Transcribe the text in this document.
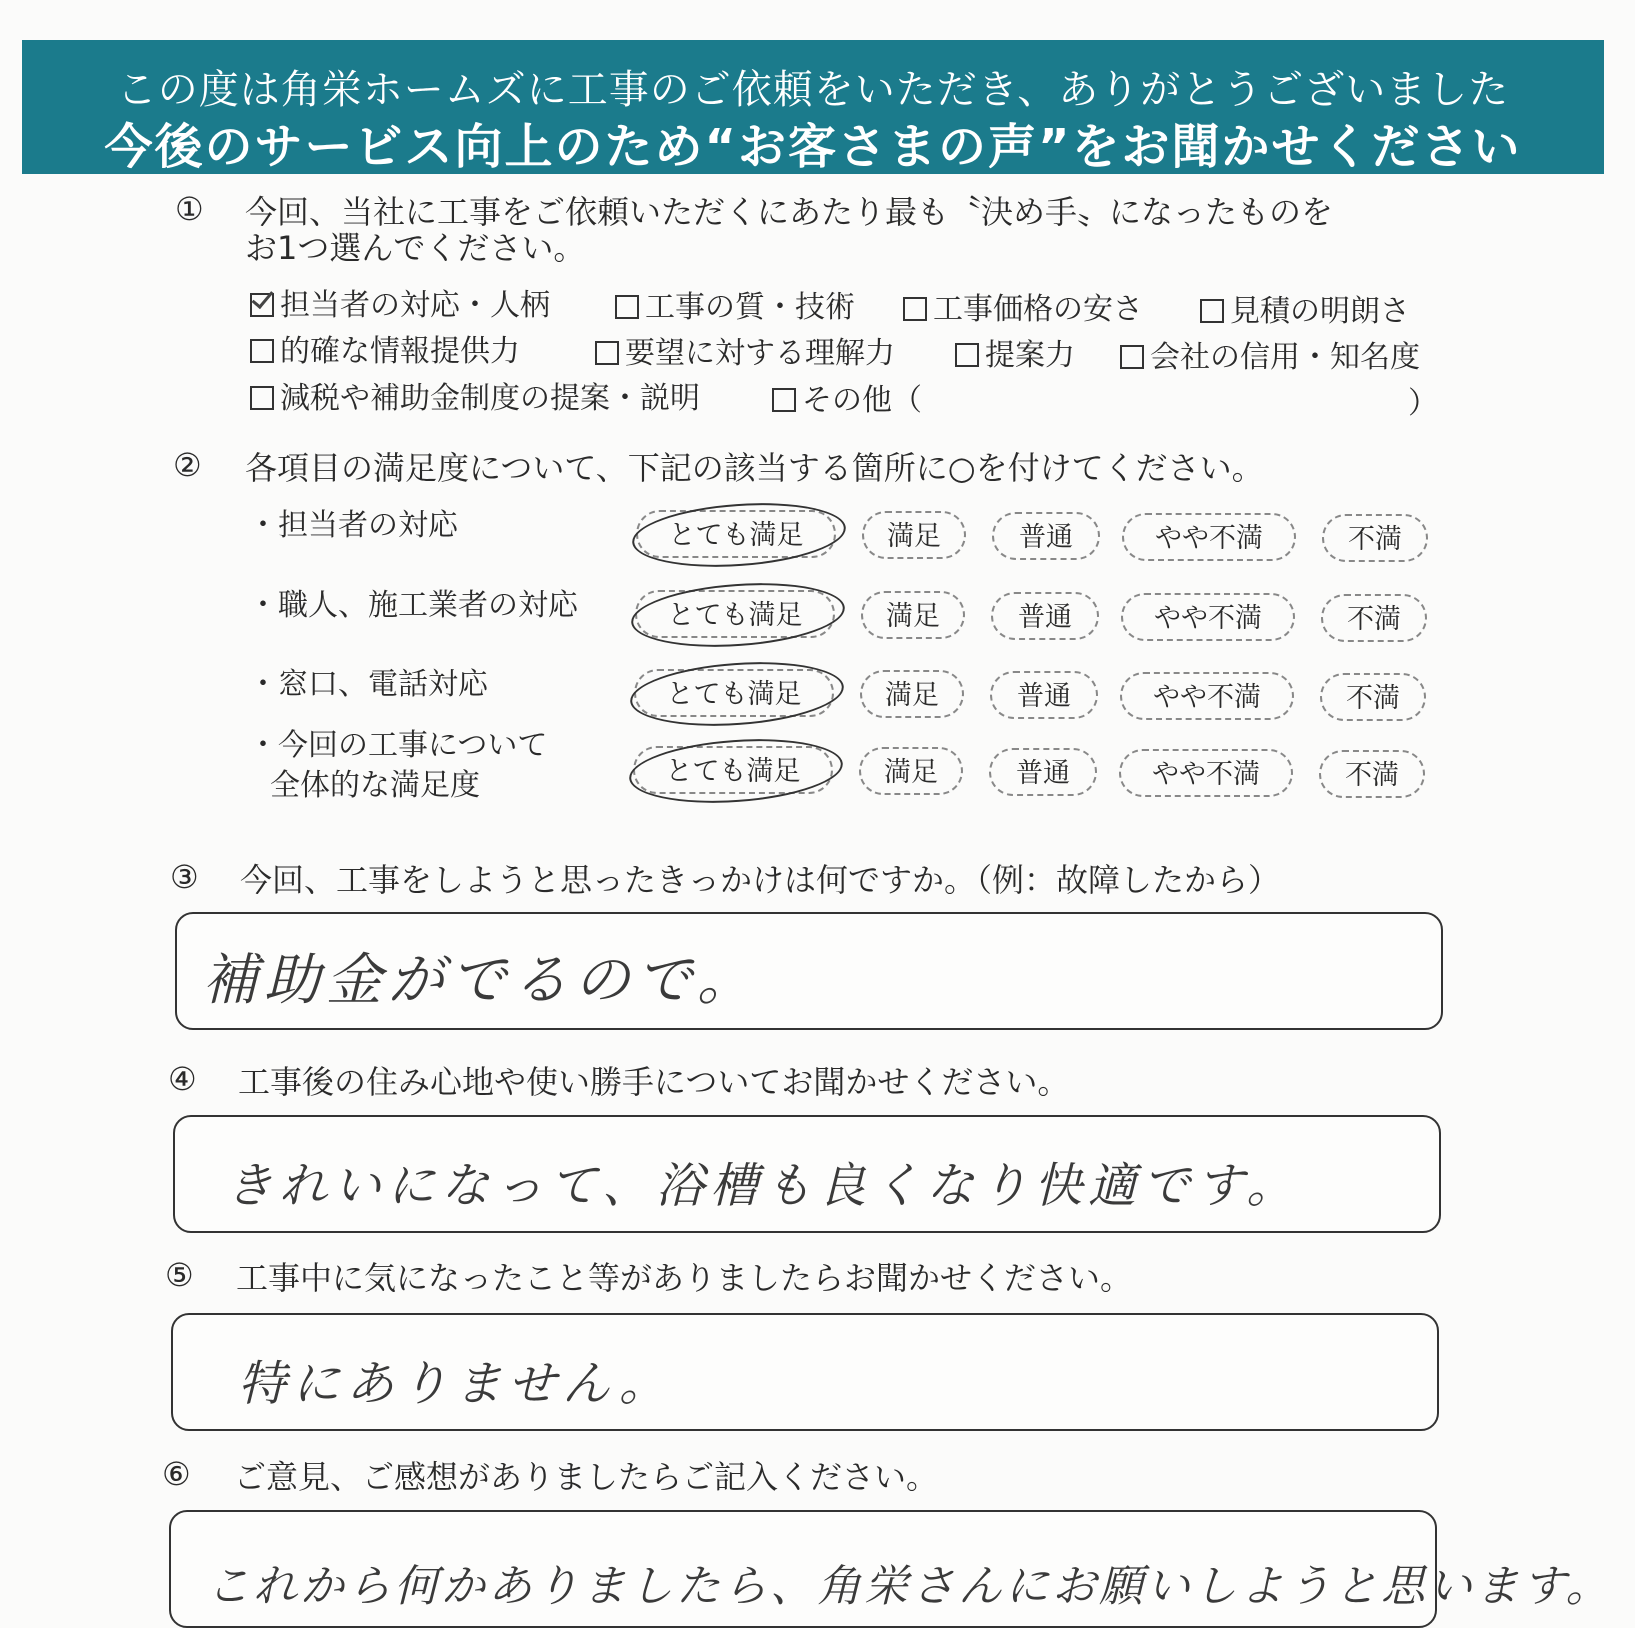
この度は角栄ホームズに工事のご依頼をいただき、ありがとうございました
今後のサービス向上のため“お客さまの声”をお聞かせください
① 今回、当社に工事をご依頼いただくにあたり最も〝決め手〟になったものを
お1つ選んでください。
担当者の対応・人柄	工事の質・技術	工事価格の安さ	見積の明朗さ
的確な情報提供力	要望に対する理解力	提案力	会社の信用・知名度
減税や補助金制度の提案・説明	その他（	）
② 各項目の満足度について、下記の該当する箇所に○を付けてください。
・担当者の対応	とても満足	満足	普通	やや不満	不満
・職人、施工業者の対応	とても満足	満足	普通	やや不満	不満
・窓口、電話対応	とても満足	満足	普通	やや不満	不満
・今回の工事について
全体的な満足度	とても満足	満足	普通	やや不満	不満
③ 今回、工事をしようと思ったきっかけは何ですか。（例：故障したから）
補助金がでるので。
④ 工事後の住み心地や使い勝手についてお聞かせください。
きれいになって、浴槽も良くなり快適です。
⑤ 工事中に気になったこと等がありましたらお聞かせください。
特にありません。
⑥ ご意見、ご感想がありましたらご記入ください。
これから何かありましたら、角栄さんにお願いしようと思います。
